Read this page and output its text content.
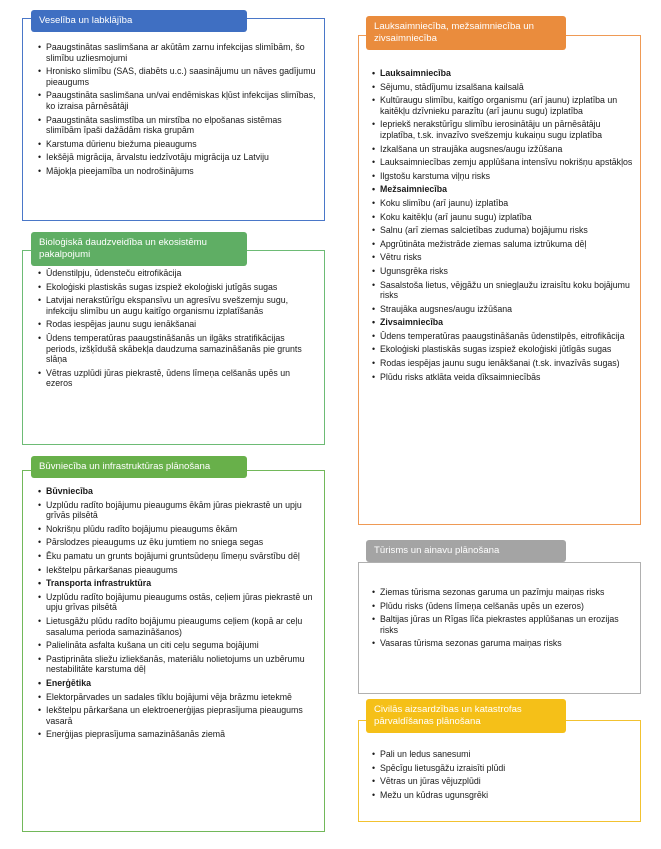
Veselība un labklājība
• Paaugstinātas saslimšana ar akūtām zarnu infekcijas slimībām, šo slimību uzliesmojumi
• Hronisko slimību (SAS, diabēts u.c.) saasinājumu un nāves gadījumu pieaugums
• Paaugstināta saslimšana un/vai endēmiskas kļūst infekcijas slimības, ko izraisa pārnēsātāji
• Paaugstināta saslimstība un mirstība no elpošanas sistēmas slimībām īpaši dažādām riska grupām
• Karstuma dūrienu biežuma pieaugums
• Iekšējā migrācija, ārvalstu iedzīvotāju migrācija uz Latviju
• Mājokļa pieejamība un nodrošinājums
Bioloģiskā daudzveidība un ekosistēmu pakalpojumi
• Ūdenstilpju, ūdensteču eitrofikācija
• Ekoloģiski plastiskās sugas izspiež ekoloģiski jutīgās sugas
• Latvijai nerakstūrīgu ekspansīvu un agresīvu svešzemju sugu, infekciju slimību un augu kaitīgo organismu izplatīšanās
• Rodas iespējas jaunu sugu ienākšanai
• Ūdens temperatūras paaugstināšanās un ilgāks stratifikācijas periods, izšķīdušā skābekļa daudzuma samazināšanās pie grunts slāņa
• Vētras uzplūdi jūras piekrastē, ūdens līmeņa celšanās upēs un ezeros
Būvniecība un infrastruktūras plānošana
• Būvniecība
• Uzplūdu radīto bojājumu pieaugums ēkām jūras piekrastē un upju grīvās pilsētā
• Nokrišņu plūdu radīto bojājumu pieaugums ēkām
• Pārslodzes pieaugums uz ēku jumtiem no sniega segas
• Ēku pamatu un grunts bojājumi gruntsūdeņu līmeņu svārstību dēļ
• Iekštelpu pārkaršanas pieaugums
• Transporta infrastruktūra
• Uzplūdu radīto bojājumu pieaugums ostās, ceļiem jūras piekrastē un upju grīvas pilsētā
• Lietusgāžu plūdu radīto bojājumu pieaugums ceļiem (kopā ar ceļu sasaluma perioda samazināšanos)
• Palielināta asfalta kušana un citi ceļu seguma bojājumi
• Pastiprināta sliežu izliekšanās, materiālu nolietojums un uzbērumu nestabilitāte karstuma dēļ
• Enerģētika
• Elektorpārvades un sadales tīklu bojājumi vēja brāzmu ietekmē
• Iekštelpu pārkaršana un elektroenerģijas pieprasījuma pieaugums vasarā
• Enerģijas pieprasījuma samazināšanās ziemā
Lauksaimniecība, mežsaimniecība un zivsaimniecība
• Lauksaimniecība
• Sējumu, stādījumu izsalšana kailsalā
• Kultūraugu slimību, kaitīgo organismu (arī jaunu) izplatība un kaitēkļu dzīvnieku parazītu (arī jaunu sugu) izplatība
• Iepriekš nerakstūrīgu slimību ierosinātāju un pārnēsātāju izplatība, t.sk. invazīvo svešzemju kukaiņu sugu izplatība
• Izkalšana un straujāka augsnes/augu izžūšana
• Lauksaimniecības zemju applūšana intensīvu nokrišņu apstākļos
• Ilgstošu karstuma viļņu risks
• Mežsaimniecība
• Koku slimību (arī jaunu) izplatība
• Koku kaitēkļu (arī jaunu sugu) izplatība
• Salnu (arī ziemas salcietības zuduma) bojājumu risks
• Apgrūtināta mežistrāde ziemas saluma iztrūkuma dēļ
• Vētru risks
• Ugunsgrēka risks
• Sasalstoša lietus, vējgāžu un sniegļaužu izraisītu koku bojājumu risks
• Straujāka augsnes/augu izžūšana
• Zivsaimniecība
• Ūdens temperatūras paaugstināšanās ūdenstilpēs, eitrofikācija
• Ekoloģiski plastiskās sugas izspiež ekoloģiski jūtīgās sugas
• Rodas iespējas jaunu sugu ienākšanai (t.sk. invazīvās sugas)
• Plūdu risks atklāta veida dīksaimniecībās
Tūrisms un ainavu plānošana
• Ziemas tūrisma sezonas garuma un pazīmju maiņas risks
• Plūdu risks (ūdens līmeņa celšanās upēs un ezeros)
• Baltijas jūras un Rīgas līča piekrastes applūšanas un erozijas risks
• Vasaras tūrisma sezonas garuma maiņas risks
Civilās aizsardzības un katastrofas pārvaldīšanas plānošana
• Pali un ledus sanesumi
• Spēcīgu lietusgāžu izraisīti plūdi
• Vētras un jūras vējuzplūdi
• Mežu un kūdras ugunsgrēki
